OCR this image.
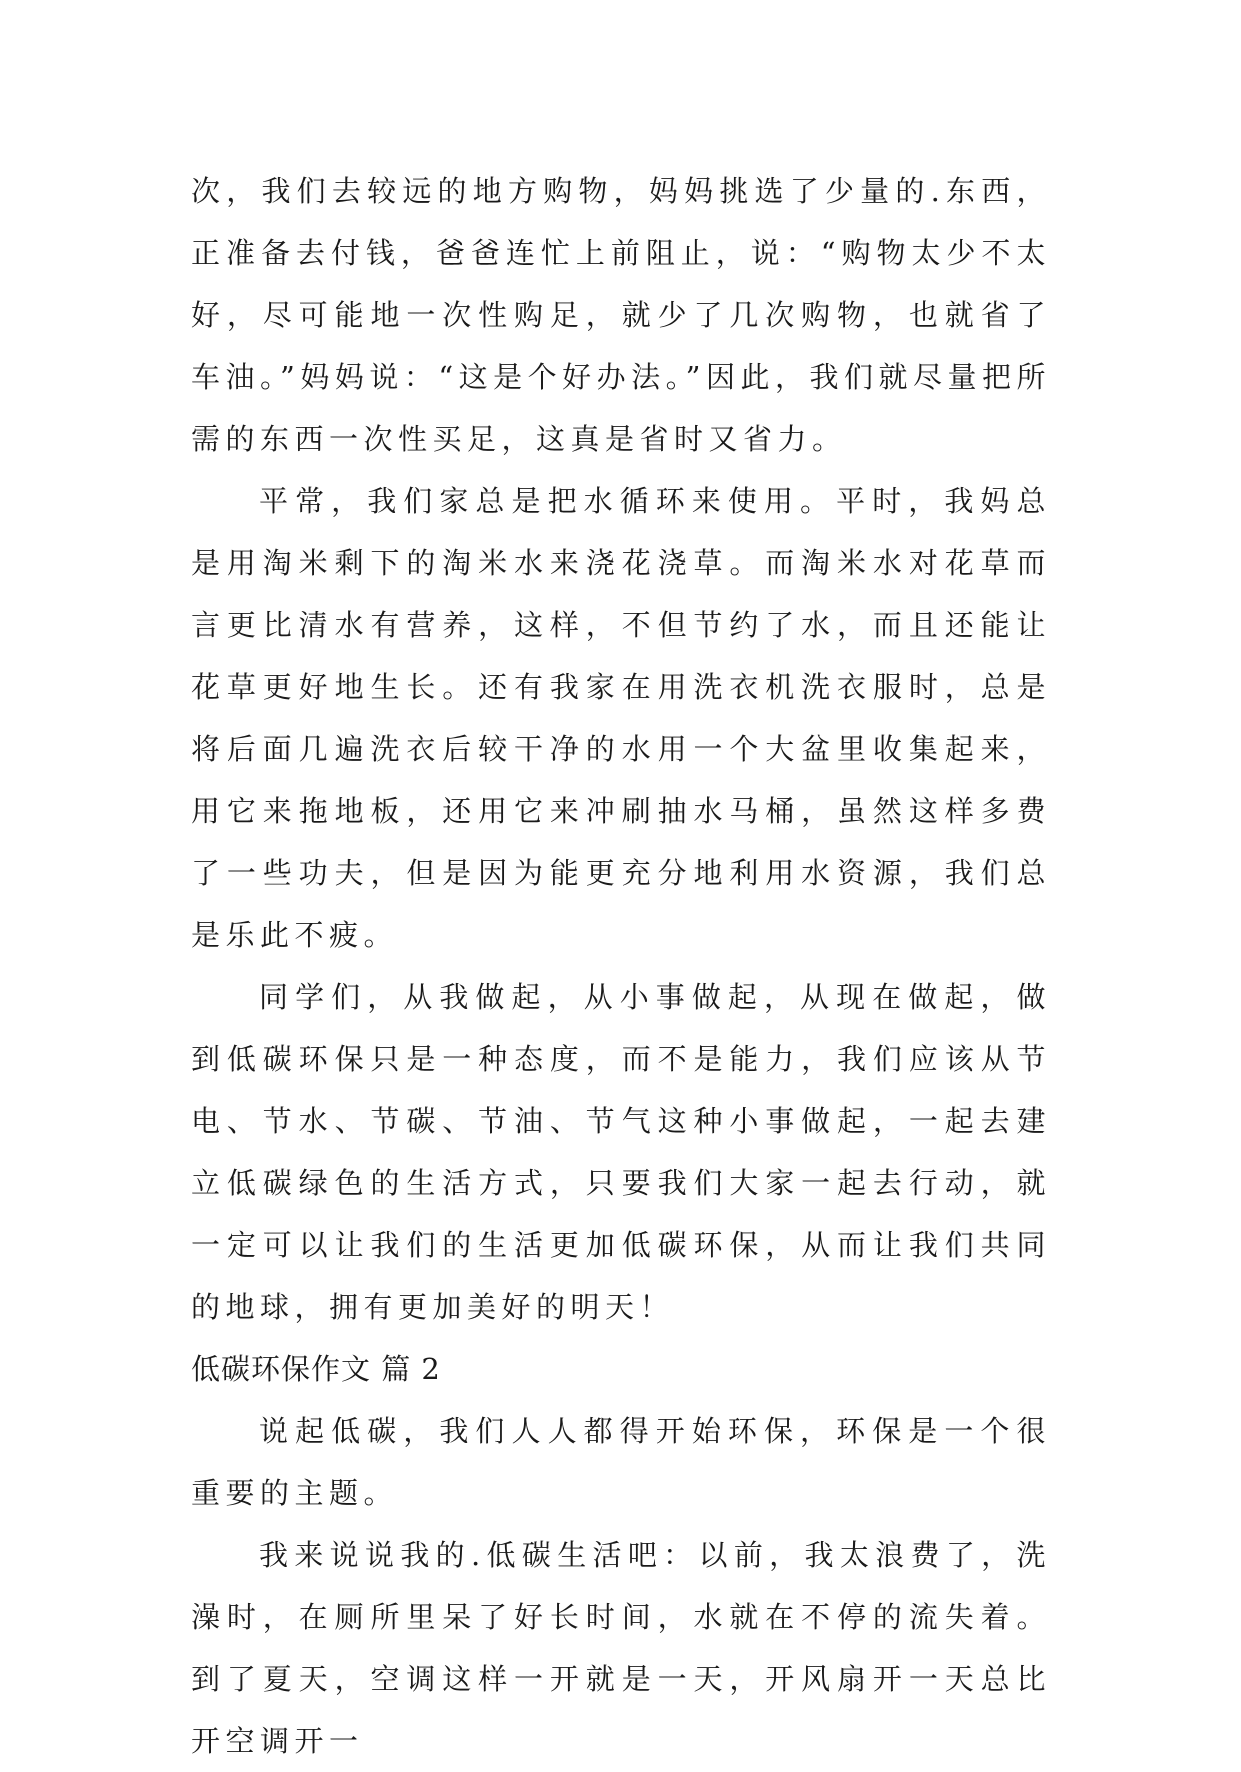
次，我们去较远的地方购物，妈妈挑选了少量的.东西，正准备去付钱，爸爸连忙上前阻止，说：“购物太少不太好，尽可能地一次性购足，就少了几次购物，也就省了车油。”妈妈说：“这是个好办法。”因此，我们就尽量把所需的东西一次性买足，这真是省时又省力。

平常，我们家总是把水循环来使用。平时，我妈总是用淘米剩下的淘米水来浇花浇草。而淘米水对花草而言更比清水有营养，这样，不但节约了水，而且还能让花草更好地生长。还有我家在用洗衣机洗衣服时，总是将后面几遍洗衣后较干净的水用一个大盆里收集起来，用它来拖地板，还用它来冲刷抽水马桶，虽然这样多费了一些功夫，但是因为能更充分地利用水资源，我们总是乐此不疲。

同学们，从我做起，从小事做起，从现在做起，做到低碳环保只是一种态度，而不是能力，我们应该从节电、节水、节碳、节油、节气这种小事做起，一起去建立低碳绿色的生活方式，只要我们大家一起去行动，就一定可以让我们的生活更加低碳环保，从而让我们共同的地球，拥有更加美好的明天！

低碳环保作文 篇 2

说起低碳，我们人人都得开始环保，环保是一个很重要的主题。

我来说说我的.低碳生活吧：以前，我太浪费了，洗澡时，在厕所里呆了好长时间，水就在不停的流失着。到了夏天，空调这样一开就是一天，开风扇开一天总比开空调开一
